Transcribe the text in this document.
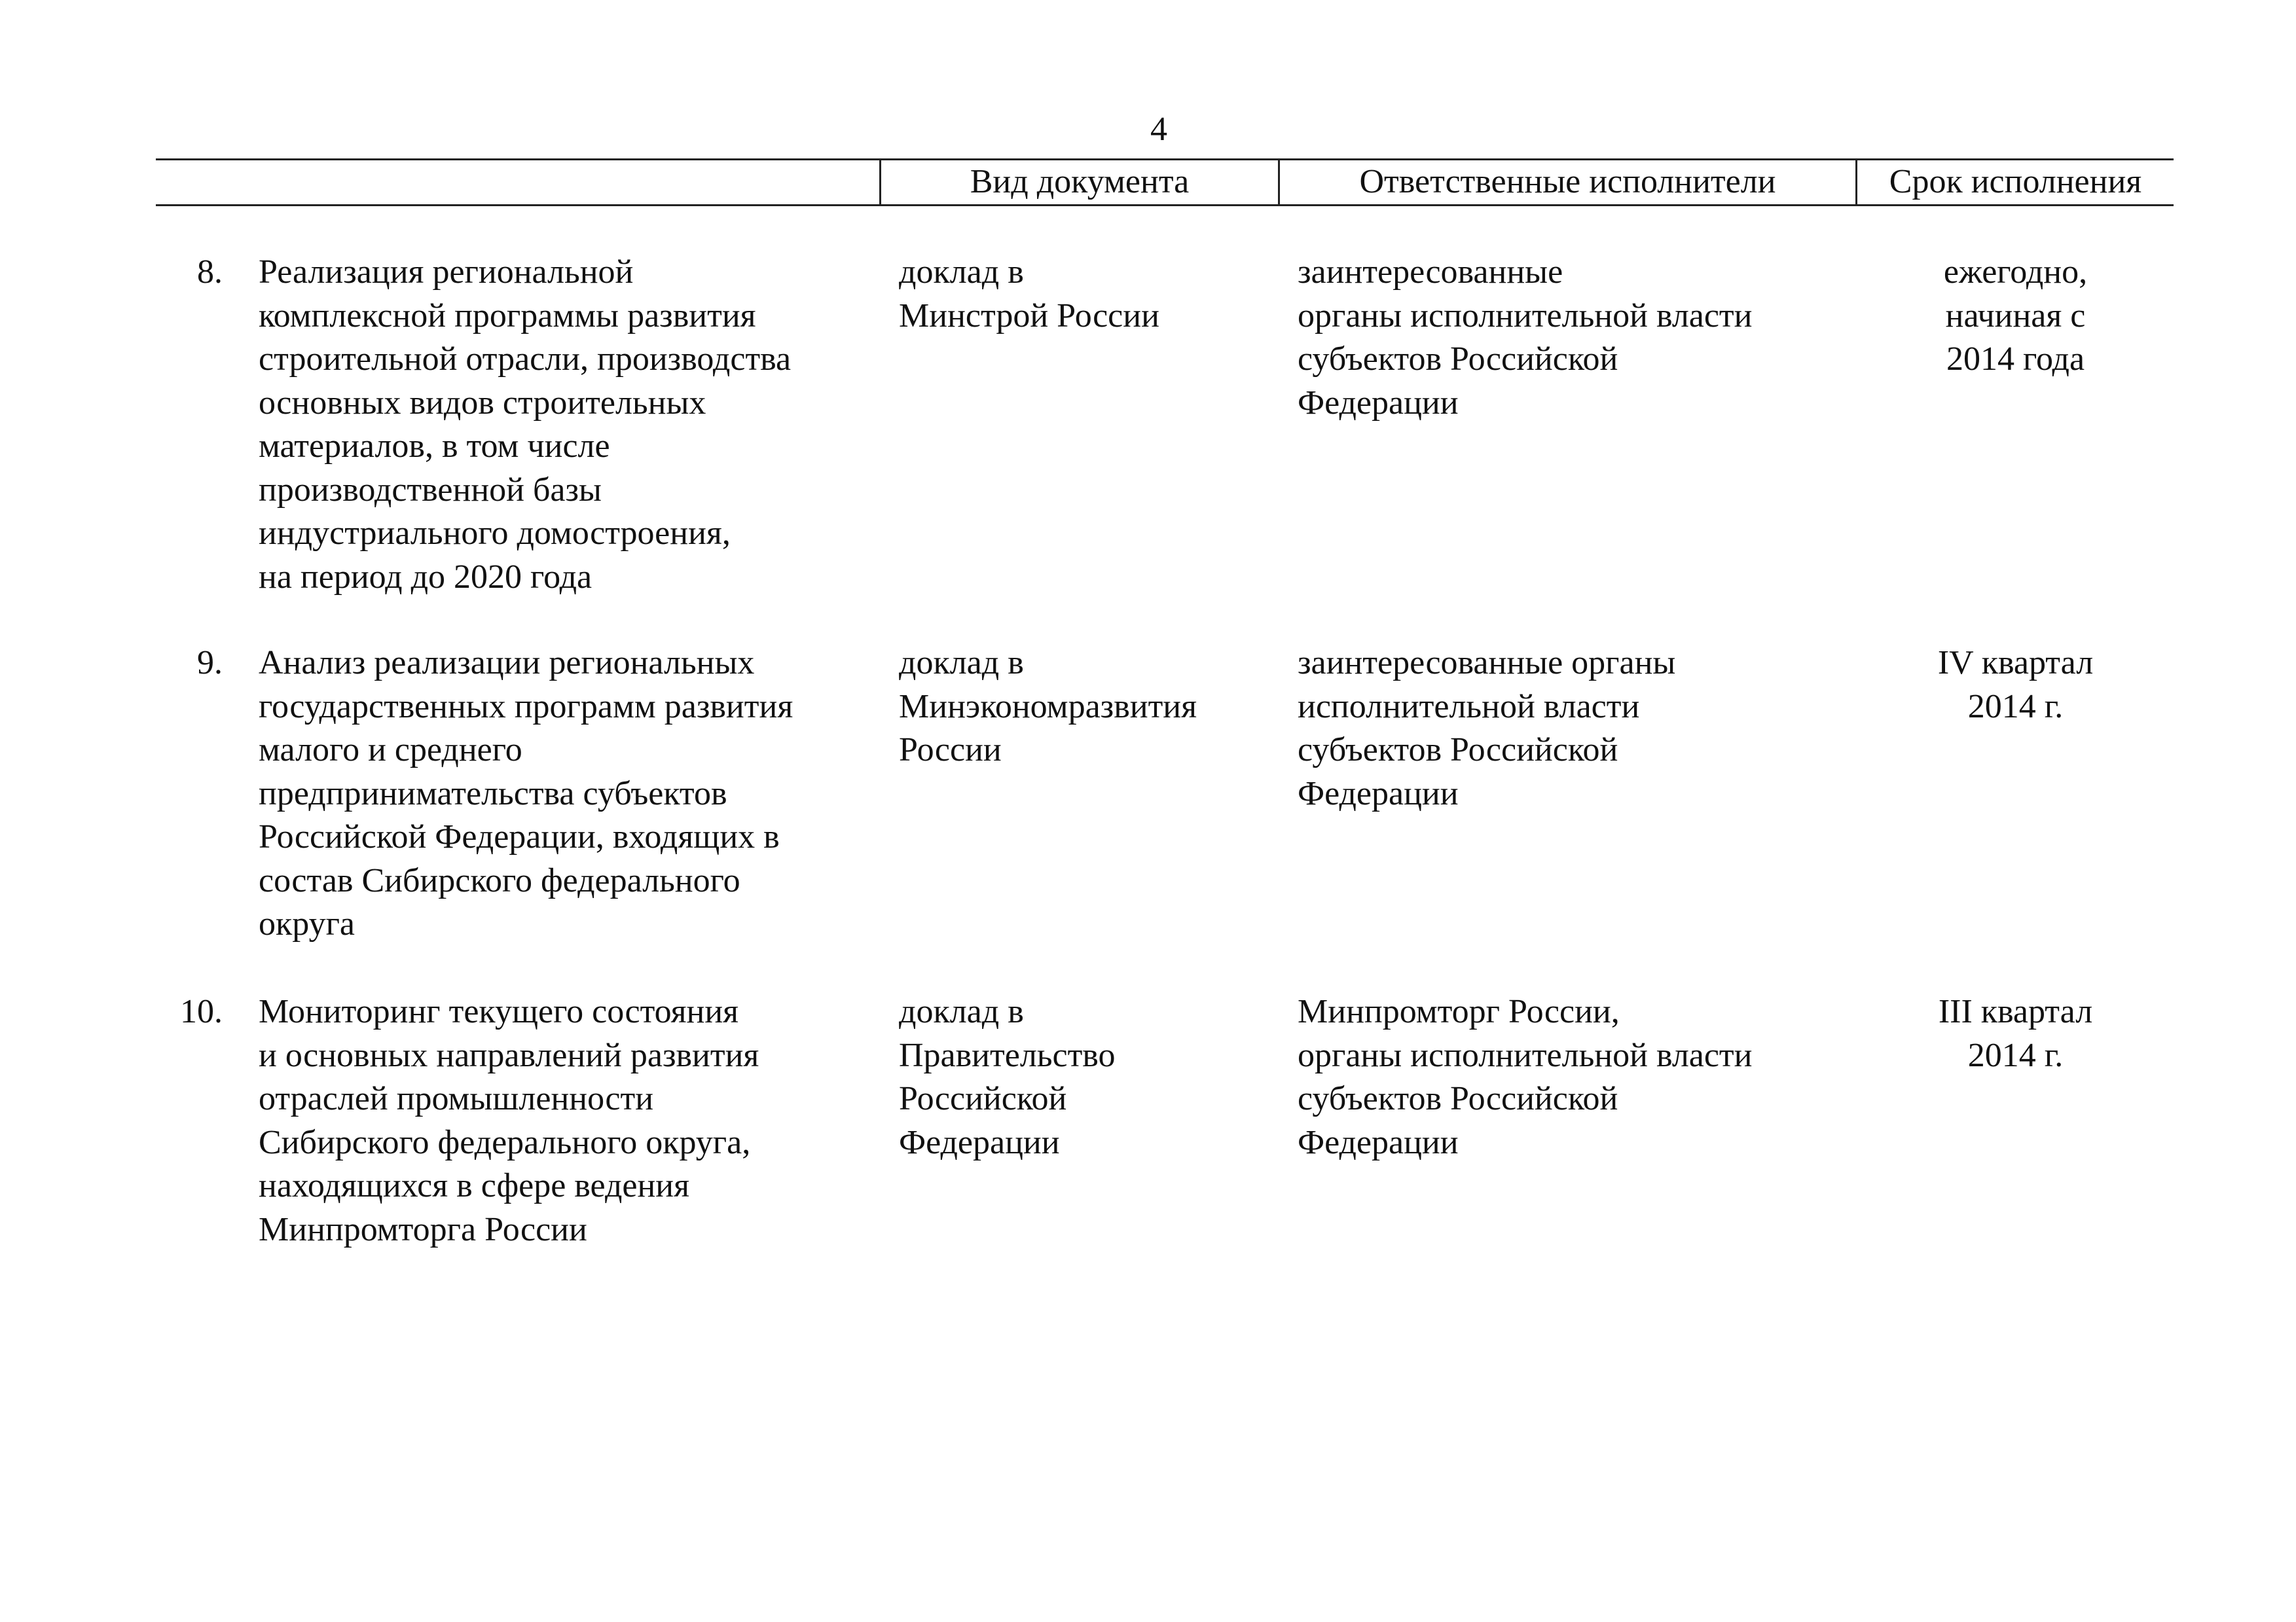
4
Вид документа	Ответственные исполнители	Срок исполнения
8. Реализация региональной
комплексной программы развития
строительной отрасли, производства
основных видов строительных
материалов, в том числе
производственной базы
индустриального домостроения,
на период до 2020 года
доклад в
Минстрой России
заинтересованные
органы исполнительной власти
субъектов Российской
Федерации
ежегодно,
начиная с
2014 года
9. Анализ реализации региональных
государственных программ развития
малого и среднего
предпринимательства субъектов
Российской Федерации, входящих в
состав Сибирского федерального
округа
доклад в
Минэкономразвития
России
заинтересованные органы
исполнительной власти
субъектов Российской
Федерации
IV квартал
2014 г.
10. Мониторинг текущего состояния
и основных направлений развития
отраслей промышленности
Сибирского федерального округа,
находящихся в сфере ведения
Минпромторга России
доклад в
Правительство
Российской
Федерации
Минпромторг России,
органы исполнительной власти
субъектов Российской
Федерации
III квартал
2014 г.
